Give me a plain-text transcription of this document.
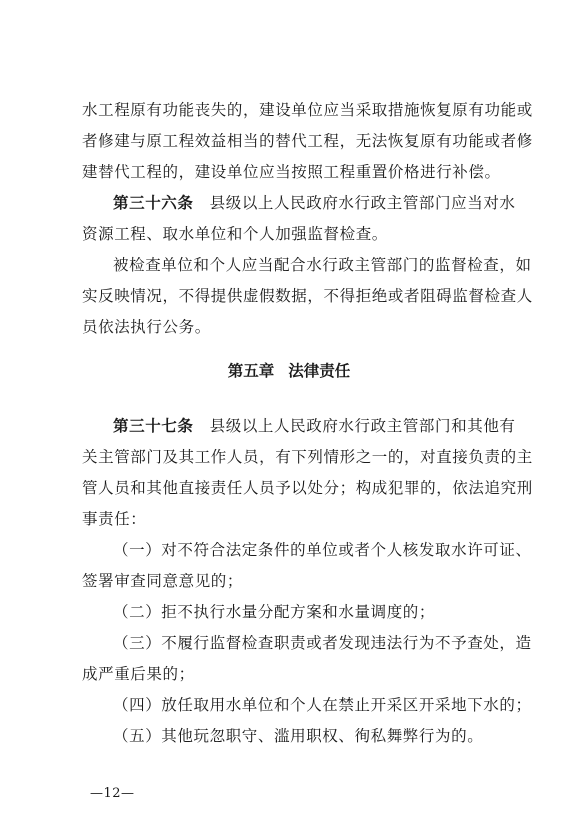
水工程原有功能丧失的，建设单位应当采取措施恢复原有功能或
者修建与原工程效益相当的替代工程，无法恢复原有功能或者修
建替代工程的，建设单位应当按照工程重置价格进行补偿。
第三十六条　县级以上人民政府水行政主管部门应当对水
资源工程、取水单位和个人加强监督检查。
被检查单位和个人应当配合水行政主管部门的监督检查，如
实反映情况，不得提供虚假数据，不得拒绝或者阻碍监督检查人
员依法执行公务。
第五章 法律责任
第三十七条　县级以上人民政府水行政主管部门和其他有
关主管部门及其工作人员，有下列情形之一的，对直接负责的主
管人员和其他直接责任人员予以处分；构成犯罪的，依法追究刑
事责任：
（一）对不符合法定条件的单位或者个人核发取水许可证、
签署审查同意意见的；
（二）拒不执行水量分配方案和水量调度的；
（三）不履行监督检查职责或者发现违法行为不予查处，造
成严重后果的；
（四）放任取用水单位和个人在禁止开采区开采地下水的；
（五）其他玩忽职守、滥用职权、徇私舞弊行为的。
—12—
